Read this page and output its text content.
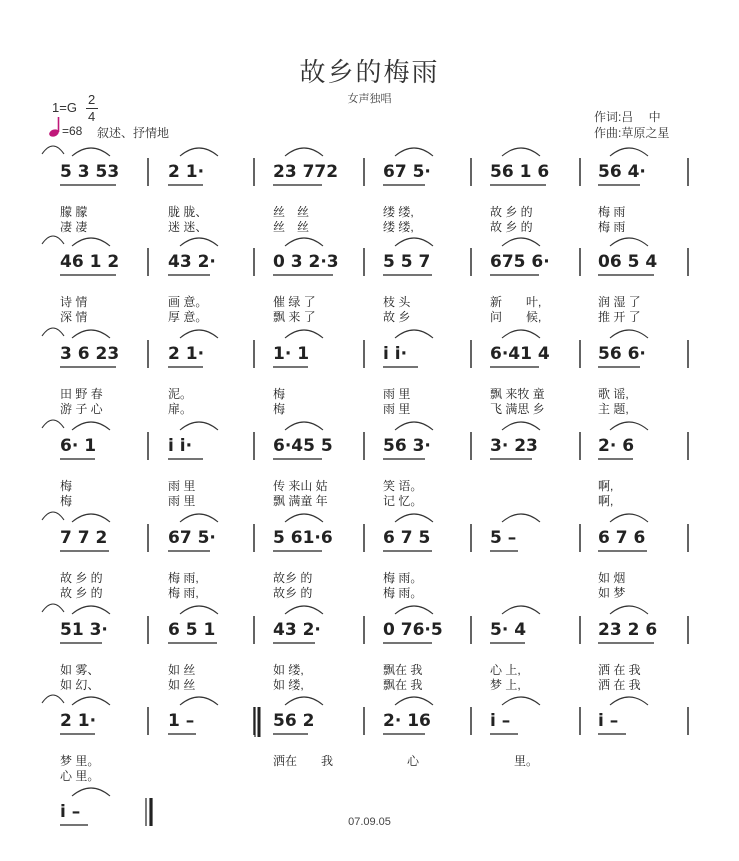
故乡的梅雨
女声独唱
1=G
2
4
=68 叙述、抒情地
作词:吕　 中
作曲:草原之星
5 3 53
朦 朦
凄 凄
2 1·
胧 胧、
迷 迷、
23 772
丝　丝
丝　丝
67 5·
缕 缕,
缕 缕,
56 1 6
故 乡 的
故 乡 的
56 4·
梅 雨
梅 雨
46 1 2
诗 情
深 情
43 2·
画 意。
厚 意。
0 3 2·3
催 绿 了
飘 来 了
5 5 7
枝 头
故 乡
675 6·
新　　叶,
问　　候,
06 5 4
润 湿 了
推 开 了
3 6 23
田 野 春
游 子 心
2 1·
泥。
扉。
1· 1
梅
梅
i i·
雨 里
雨 里
6·41 4
飘 来牧 童
飞 满思 乡
56 6·
歌 谣,
主 题,
6· 1
梅
梅
i i·
雨 里
雨 里
6·45 5
传 来山 姑
飘 满童 年
56 3·
笑 语。
记 忆。
3· 23	2· 6
啊,
啊,
7 7 2
故 乡 的
故 乡 的
67 5·
梅 雨,
梅 雨,
5 61·6
故乡 的
故乡 的
6 7 5
梅 雨。
梅 雨。
5 –	6 7 6
如 烟
如 梦
51 3·
如 雾、
如 幻、
6 5 1
如 丝
如 丝
43 2·
如 缕,
如 缕,
0 76·5
飘在 我
飘在 我
5· 4
心 上,
梦 上,
23 2 6
洒 在 我
洒 在 我
2 1·
梦 里。
心 里。
1 –	56 2
洒在　　我
2· 16
　　心
i –
　　里。
i –
i –	07.09.05
